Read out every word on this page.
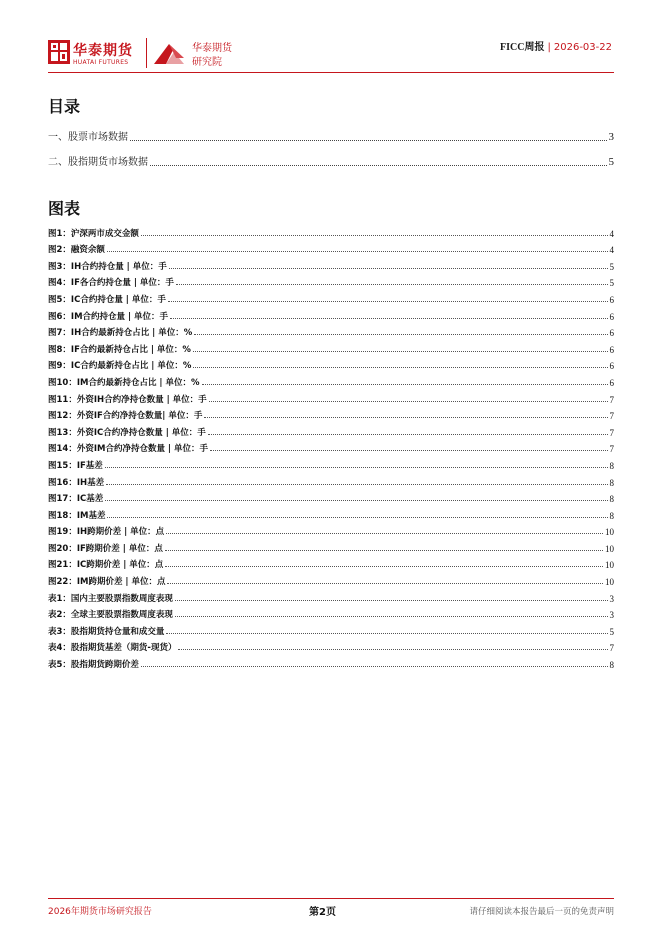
华泰期货
HUATAI FUTURES
华泰期货
研究院
FICC周报 | 2026-03-22
目录
一、股票市场数据	3
二、股指期货市场数据	5
图表
图1：沪深两市成交金额	4
图2：融资余额	4
图3：IH合约持仓量 | 单位：手	5
图4：IF各合约持仓量 | 单位：手	5
图5：IC合约持仓量 | 单位：手	6
图6：IM合约持仓量 | 单位：手	6
图7：IH合约最新持仓占比 | 单位：%	6
图8：IF合约最新持仓占比 | 单位：%	6
图9：IC合约最新持仓占比 | 单位：%	6
图10：IM合约最新持仓占比 | 单位：%	6
图11：外资IH合约净持仓数量 | 单位：手	7
图12：外资IF合约净持仓数量| 单位：手	7
图13：外资IC合约净持仓数量 | 单位：手	7
图14：外资IM合约净持仓数量 | 单位：手	7
图15：IF基差	8
图16：IH基差	8
图17：IC基差	8
图18：IM基差	8
图19：IH跨期价差 | 单位：点	10
图20：IF跨期价差 | 单位：点	10
图21：IC跨期价差 | 单位：点	10
图22：IM跨期价差 | 单位：点	10
表1：国内主要股票指数周度表现	3
表2：全球主要股票指数周度表现	3
表3：股指期货持仓量和成交量	5
表4：股指期货基差（期货-现货）	7
表5：股指期货跨期价差	8
2026年期货市场研究报告	第2页	请仔细阅读本报告最后一页的免责声明
